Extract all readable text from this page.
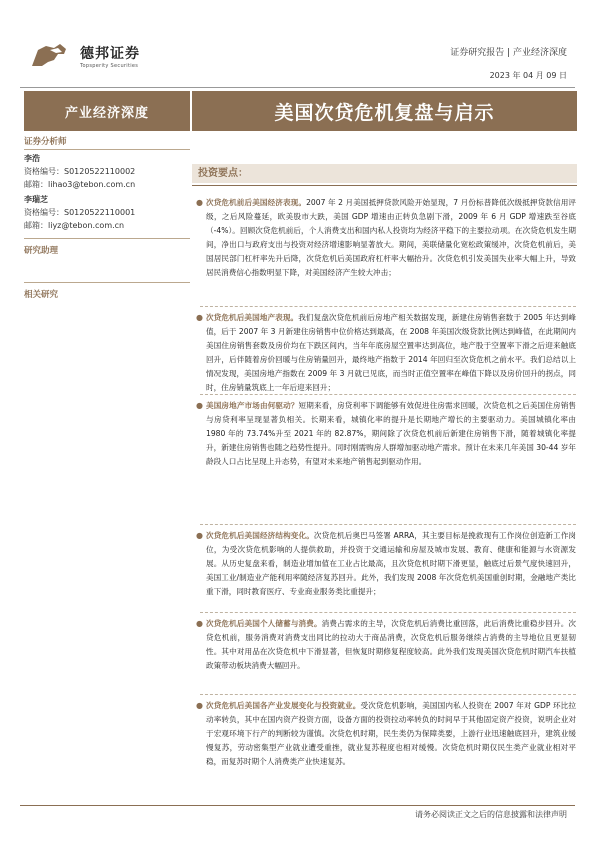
德邦证券
Topsperity Securities
证券研究报告 | 产业经济深度
2023 年 04 月 09 日
产业经济深度	美国次贷危机复盘与启示
证券分析师
李浩
资格编号：S0120522110002
邮箱：lihao3@tebon.com.cn
李瑞芝
资格编号：S0120522110001
邮箱：liyz@tebon.com.cn
研究助理
相关研究
投资要点：
● 次贷危机前后美国经济表现。2007 年 2 月美国抵押贷款风险开始显现，7 月份标普降低次级抵押贷款信用评级，之后风险蔓延，欧美股市大跌，美国 GDP 增速由正转负急剧下滑，2009 年 6 月 GDP 增速跌至谷底（-4%）。回顾次贷危机前后，个人消费支出和国内私人投资均为经济平稳下的主要拉动项。在次贷危机发生期间，净出口与政府支出与投资对经济增速影响显著放大。期间，美联储量化宽松政策缓冲，次贷危机前后，美国居民部门杠杆率先升后降，次贷危机后美国政府杠杆率大幅抬升。次贷危机引发美国失业率大幅上升，导致居民消费信心指数明显下降，对美国经济产生较大冲击；
● 次贷危机后美国地产表现。我们复盘次贷危机前后房地产相关数据发现，新建住房销售套数于 2005 年达到峰值，后于 2007 年 3 月新建住房销售中位价格达到最高，在 2008 年美国次级贷款比例达到峰值，在此期间内美国住房销售套数及房价均在下跌区间内，当年年底房屋空置率达到高位，地产股于空置率下滑之后迎来触底回升，后伴随着房价回暖与住房销量回升，最终地产指数于 2014 年回归至次贷危机之前水平。我们总结以上情况发现，美国房地产指数在 2009 年 3 月就已见底，而当时正值空置率在峰值下降以及房价回升的拐点，同时，住房销量筑底上一年后迎来回升；
● 美国房地产市场由何驱动？短期来看，房贷利率下调能够有效促进住房需求回暖，次贷危机之后美国住房销售与房贷利率呈现显著负相关。长期来看，城镇化率的提升是长期地产增长的主要驱动力。美国城镇化率由 1980 年的 73.74%升至 2021 年的 82.87%，期间除了次贷危机前后新建住房销售下滑，随着城镇化率提升，新建住房销售也随之趋势性提升。同时刚需购房人群增加驱动地产需求。预计在未来几年美国 30-44 岁年龄段人口占比呈现上升态势，有望对未来地产销售起到驱动作用。
● 次贷危机后美国经济结构变化。次贷危机后奥巴马签署 ARRA，其主要目标是挽救现有工作岗位创造新工作岗位，为受次贷危机影响的人提供救助，并投资于交通运输和房屋及城市发展、教育、健康和能源与水资源发展。从历史复盘来看，制造业增加值在工业占比最高，且次贷危机时期下滑更显，触底过后景气度快速回升，美国工业/制造业产能利用率随经济复苏回升。此外，我们发现 2008 年次贷危机美国重创时期，金融地产类比重下滑，同时教育医疗、专业商业服务类比重提升；
● 次贷危机后美国个人储蓄与消费。消费占需求的主导，次贷危机后消费比重回落，此后消费比重稳步回升。次贷危机前，服务消费对消费支出同比的拉动大于商品消费，次贷危机后服务继续占消费的主导地位且更显韧性。其中对用品在次贷危机中下滑显著，但恢复时期修复程度较高。此外我们发现美国次贷危机时期汽车扶植政策带动板块消费大幅回升。
● 次贷危机后美国各产业发展变化与投资就业。受次贷危机影响，美国国内私人投资在 2007 年对 GDP 环比拉动率转负，其中在国内资产投资方面，设备方面的投资拉动率转负的时间早于其他固定资产投资，说明企业对于宏观环境下行产的判断较为谨慎。次贷危机时期，民生类仍为保障类要，上游行业迅速触底回升，建筑业缓慢复苏，劳动密集型产业就业遭受重挫，就业复苏程度也相对缓慢。次贷危机时期仅民生类产业就业相对平稳，而复苏时期个人消费类产业快速复苏。
请务必阅读正文之后的信息披露和法律声明
